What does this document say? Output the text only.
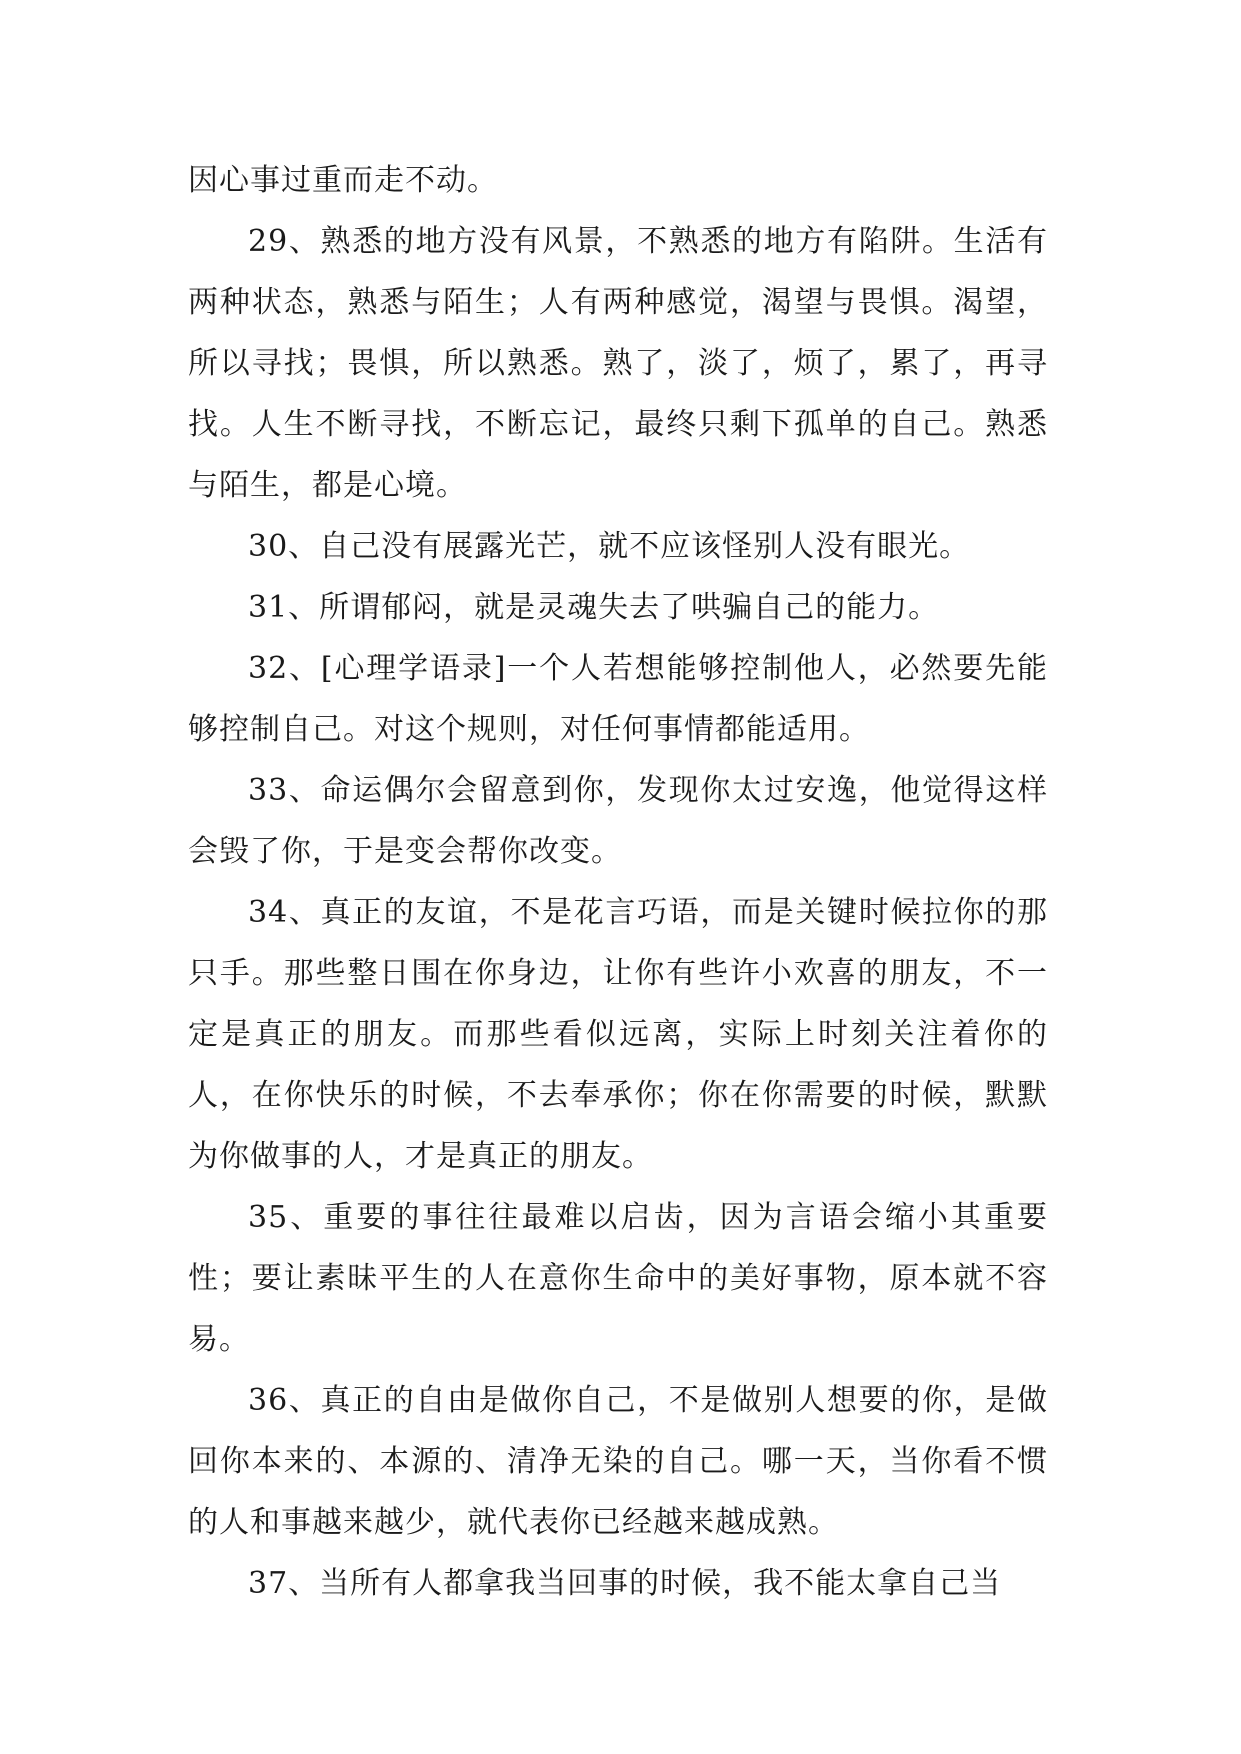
因心事过重而走不动。

29、熟悉的地方没有风景，不熟悉的地方有陷阱。生活有两种状态，熟悉与陌生；人有两种感觉，渴望与畏惧。渴望，所以寻找；畏惧，所以熟悉。熟了，淡了，烦了，累了，再寻找。人生不断寻找，不断忘记，最终只剩下孤单的自己。熟悉与陌生，都是心境。

30、自己没有展露光芒，就不应该怪别人没有眼光。

31、所谓郁闷，就是灵魂失去了哄骗自己的能力。

32、[心理学语录]一个人若想能够控制他人，必然要先能够控制自己。对这个规则，对任何事情都能适用。

33、命运偶尔会留意到你，发现你太过安逸，他觉得这样会毁了你，于是变会帮你改变。

34、真正的友谊，不是花言巧语，而是关键时候拉你的那只手。那些整日围在你身边，让你有些许小欢喜的朋友，不一定是真正的朋友。而那些看似远离，实际上时刻关注着你的人，在你快乐的时候，不去奉承你；你在你需要的时候，默默为你做事的人，才是真正的朋友。

35、重要的事往往最难以启齿，因为言语会缩小其重要性；要让素昧平生的人在意你生命中的美好事物，原本就不容易。

36、真正的自由是做你自己，不是做别人想要的你，是做回你本来的、本源的、清净无染的自己。哪一天，当你看不惯的人和事越来越少，就代表你已经越来越成熟。

37、当所有人都拿我当回事的时候，我不能太拿自己当
